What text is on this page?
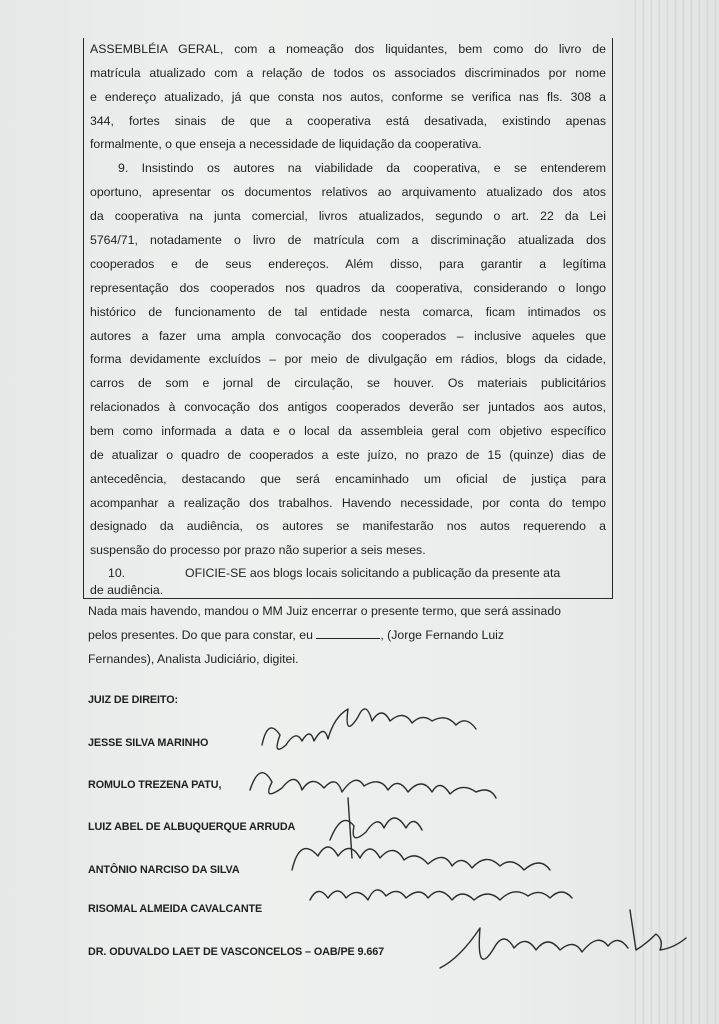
ASSEMBLÉIA GERAL, com a nomeação dos liquidantes, bem como do livro de
matrícula atualizado com a relação de todos os associados discriminados por nome
e endereço atualizado, já que consta nos autos, conforme se verifica nas fls. 308 a
344, fortes sinais de que a cooperativa está desativada, existindo apenas
formalmente, o que enseja a necessidade de liquidação da cooperativa.
9. Insistindo os autores na viabilidade da cooperativa, e se entenderem
oportuno, apresentar os documentos relativos ao arquivamento atualizado dos atos
da cooperativa na junta comercial, livros atualizados, segundo o art. 22 da Lei
5764/71, notadamente o livro de matrícula com a discriminação atualizada dos
cooperados e de seus endereços. Além disso, para garantir a legítima
representação dos cooperados nos quadros da cooperativa, considerando o longo
histórico de funcionamento de tal entidade nesta comarca, ficam intimados os
autores a fazer uma ampla convocação dos cooperados – inclusive aqueles que
forma devidamente excluídos – por meio de divulgação em rádios, blogs da cidade,
carros de som e jornal de circulação, se houver. Os materiais publicitários
relacionados à convocação dos antigos cooperados deverão ser juntados aos autos,
bem como informada a data e o local da assembleia geral com objetivo específico
de atualizar o quadro de cooperados a este juízo, no prazo de 15 (quinze) dias de
antecedência, destacando que será encaminhado um oficial de justiça para
acompanhar a realização dos trabalhos. Havendo necessidade, por conta do tempo
designado da audiência, os autores se manifestarão nos autos requerendo a
suspensão do processo por prazo não superior a seis meses.
10.	OFICIE-SE aos blogs locais solicitando a publicação da presente ata
de audiência.
Nada mais havendo, mandou o MM Juiz encerrar o presente termo, que será assinado
pelos presentes. Do que para constar, eu	, (Jorge Fernando Luiz
Fernandes), Analista Judiciário, digitei.
JUIZ DE DIREITO:
JESSE SILVA MARINHO
ROMULO TREZENA PATU,
LUIZ ABEL DE ALBUQUERQUE ARRUDA
ANTÔNIO NARCISO DA SILVA
RISOMAL ALMEIDA CAVALCANTE
DR. ODUVALDO LAET DE VASCONCELOS – OAB/PE 9.667
